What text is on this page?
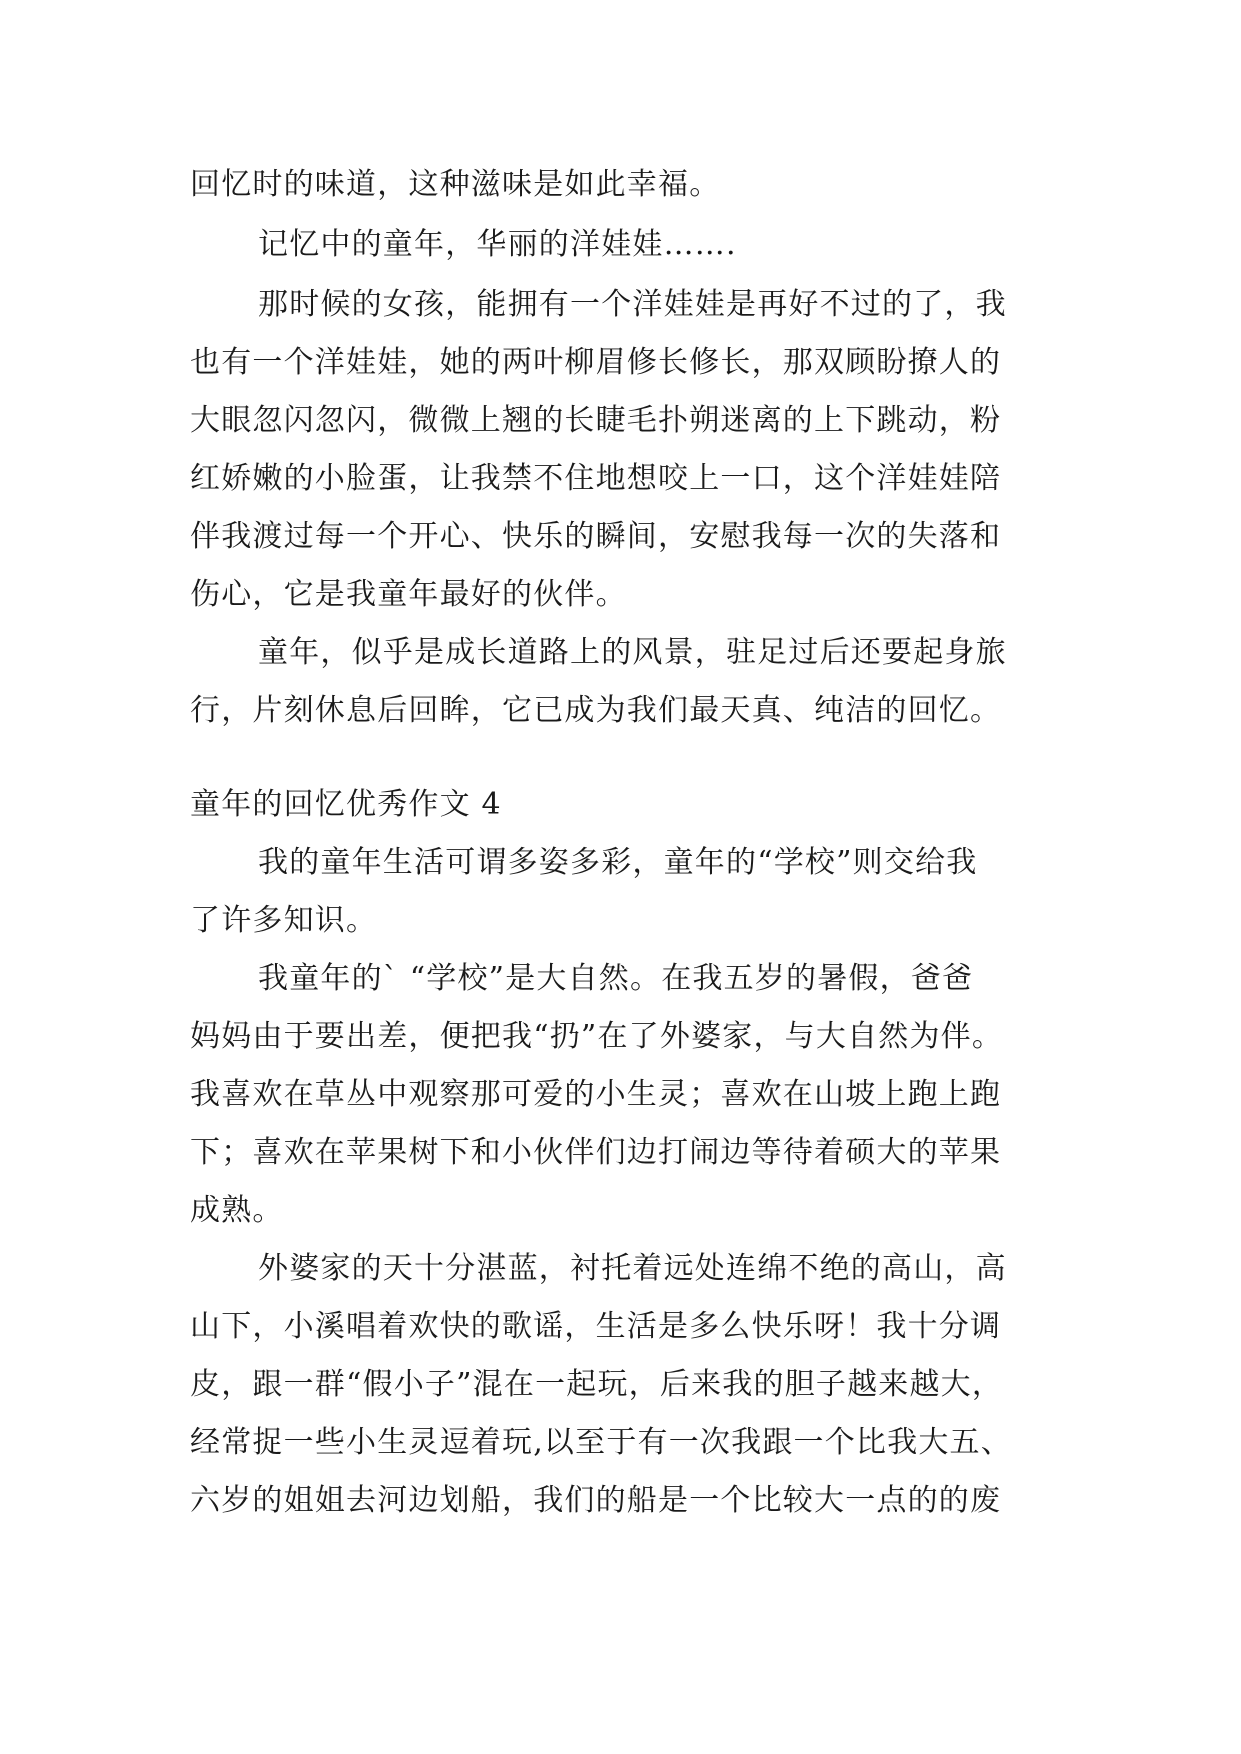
回忆时的味道，这种滋味是如此幸福。
记忆中的童年，华丽的洋娃娃…….
那时候的女孩，能拥有一个洋娃娃是再好不过的了，我
也有一个洋娃娃，她的两叶柳眉修长修长，那双顾盼撩人的
大眼忽闪忽闪，微微上翘的长睫毛扑朔迷离的上下跳动，粉
红娇嫩的小脸蛋，让我禁不住地想咬上一口，这个洋娃娃陪
伴我渡过每一个开心、快乐的瞬间，安慰我每一次的失落和
伤心，它是我童年最好的伙伴。
童年，似乎是成长道路上的风景，驻足过后还要起身旅
行，片刻休息后回眸，它已成为我们最天真、纯洁的回忆。
童年的回忆优秀作文 4
我的童年生活可谓多姿多彩，童年的“学校”则交给我
了许多知识。
我童年的` “学校”是大自然。在我五岁的暑假，爸爸
妈妈由于要出差，便把我“扔”在了外婆家，与大自然为伴。
我喜欢在草丛中观察那可爱的小生灵；喜欢在山坡上跑上跑
下；喜欢在苹果树下和小伙伴们边打闹边等待着硕大的苹果
成熟。
外婆家的天十分湛蓝，衬托着远处连绵不绝的高山，高
山下，小溪唱着欢快的歌谣，生活是多么快乐呀！我十分调
皮，跟一群“假小子”混在一起玩，后来我的胆子越来越大，
经常捉一些小生灵逗着玩,以至于有一次我跟一个比我大五、
六岁的姐姐去河边划船，我们的船是一个比较大一点的的废
